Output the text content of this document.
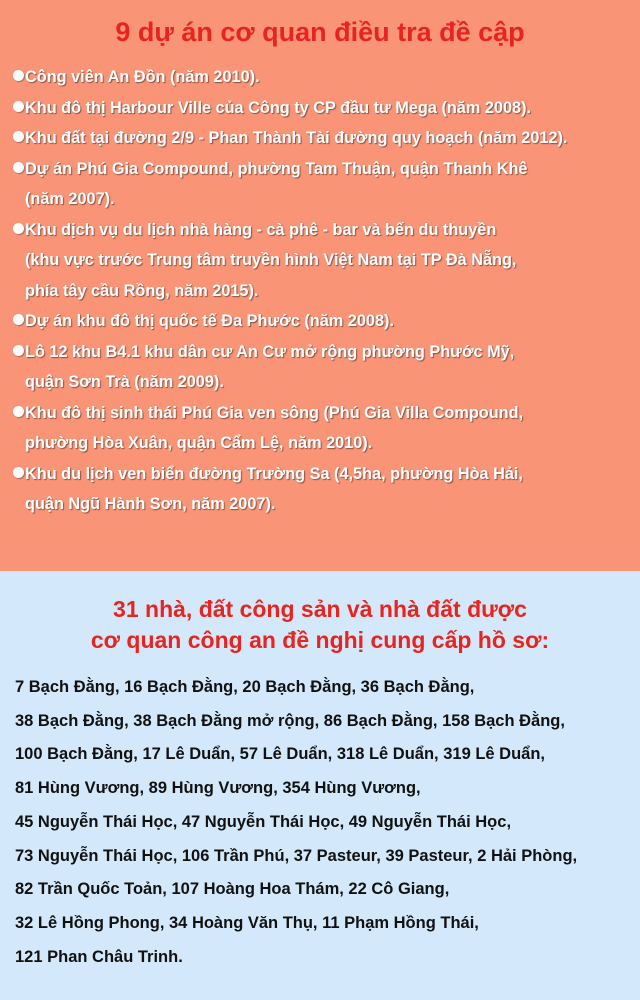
9 dự án cơ quan điều tra đề cập
Công viên An Đồn (năm 2010).
Khu đô thị Harbour Ville của Công ty CP đầu tư Mega (năm 2008).
Khu đất tại đường 2/9 - Phan Thành Tài đường quy hoạch (năm 2012).
Dự án Phú Gia Compound, phường Tam Thuận, quận Thanh Khê
(năm 2007).
Khu dịch vụ du lịch nhà hàng - cà phê - bar và bến du thuyền
(khu vực trước Trung tâm truyền hình Việt Nam tại TP Đà Nẵng,
phía tây cầu Rồng, năm 2015).
Dự án khu đô thị quốc tế Đa Phước (năm 2008).
Lô 12 khu B4.1 khu dân cư An Cư mở rộng phường Phước Mỹ,
quận Sơn Trà (năm 2009).
Khu đô thị sinh thái Phú Gia ven sông (Phú Gia Villa Compound,
phường Hòa Xuân, quận Cẩm Lệ, năm 2010).
Khu du lịch ven biển đường Trường Sa (4,5ha, phường Hòa Hải,
quận Ngũ Hành Sơn, năm 2007).
31 nhà, đất công sản và nhà đất được
cơ quan công an đề nghị cung cấp hồ sơ:

7 Bạch Đằng, 16 Bạch Đằng, 20 Bạch Đằng, 36 Bạch Đằng,
38 Bạch Đằng, 38 Bạch Đằng mở rộng, 86 Bạch Đằng, 158 Bạch Đằng,
100 Bạch Đằng, 17 Lê Duẩn, 57 Lê Duẩn, 318 Lê Duẩn, 319 Lê Duẩn,
81 Hùng Vương, 89 Hùng Vương, 354 Hùng Vương,
45 Nguyễn Thái Học, 47 Nguyễn Thái Học, 49 Nguyễn Thái Học,
73 Nguyễn Thái Học, 106 Trần Phú, 37 Pasteur, 39 Pasteur, 2 Hải Phòng,
82 Trần Quốc Toản, 107 Hoàng Hoa Thám, 22 Cô Giang,
32 Lê Hồng Phong, 34 Hoàng Văn Thụ, 11 Phạm Hồng Thái,
121 Phan Châu Trinh.
